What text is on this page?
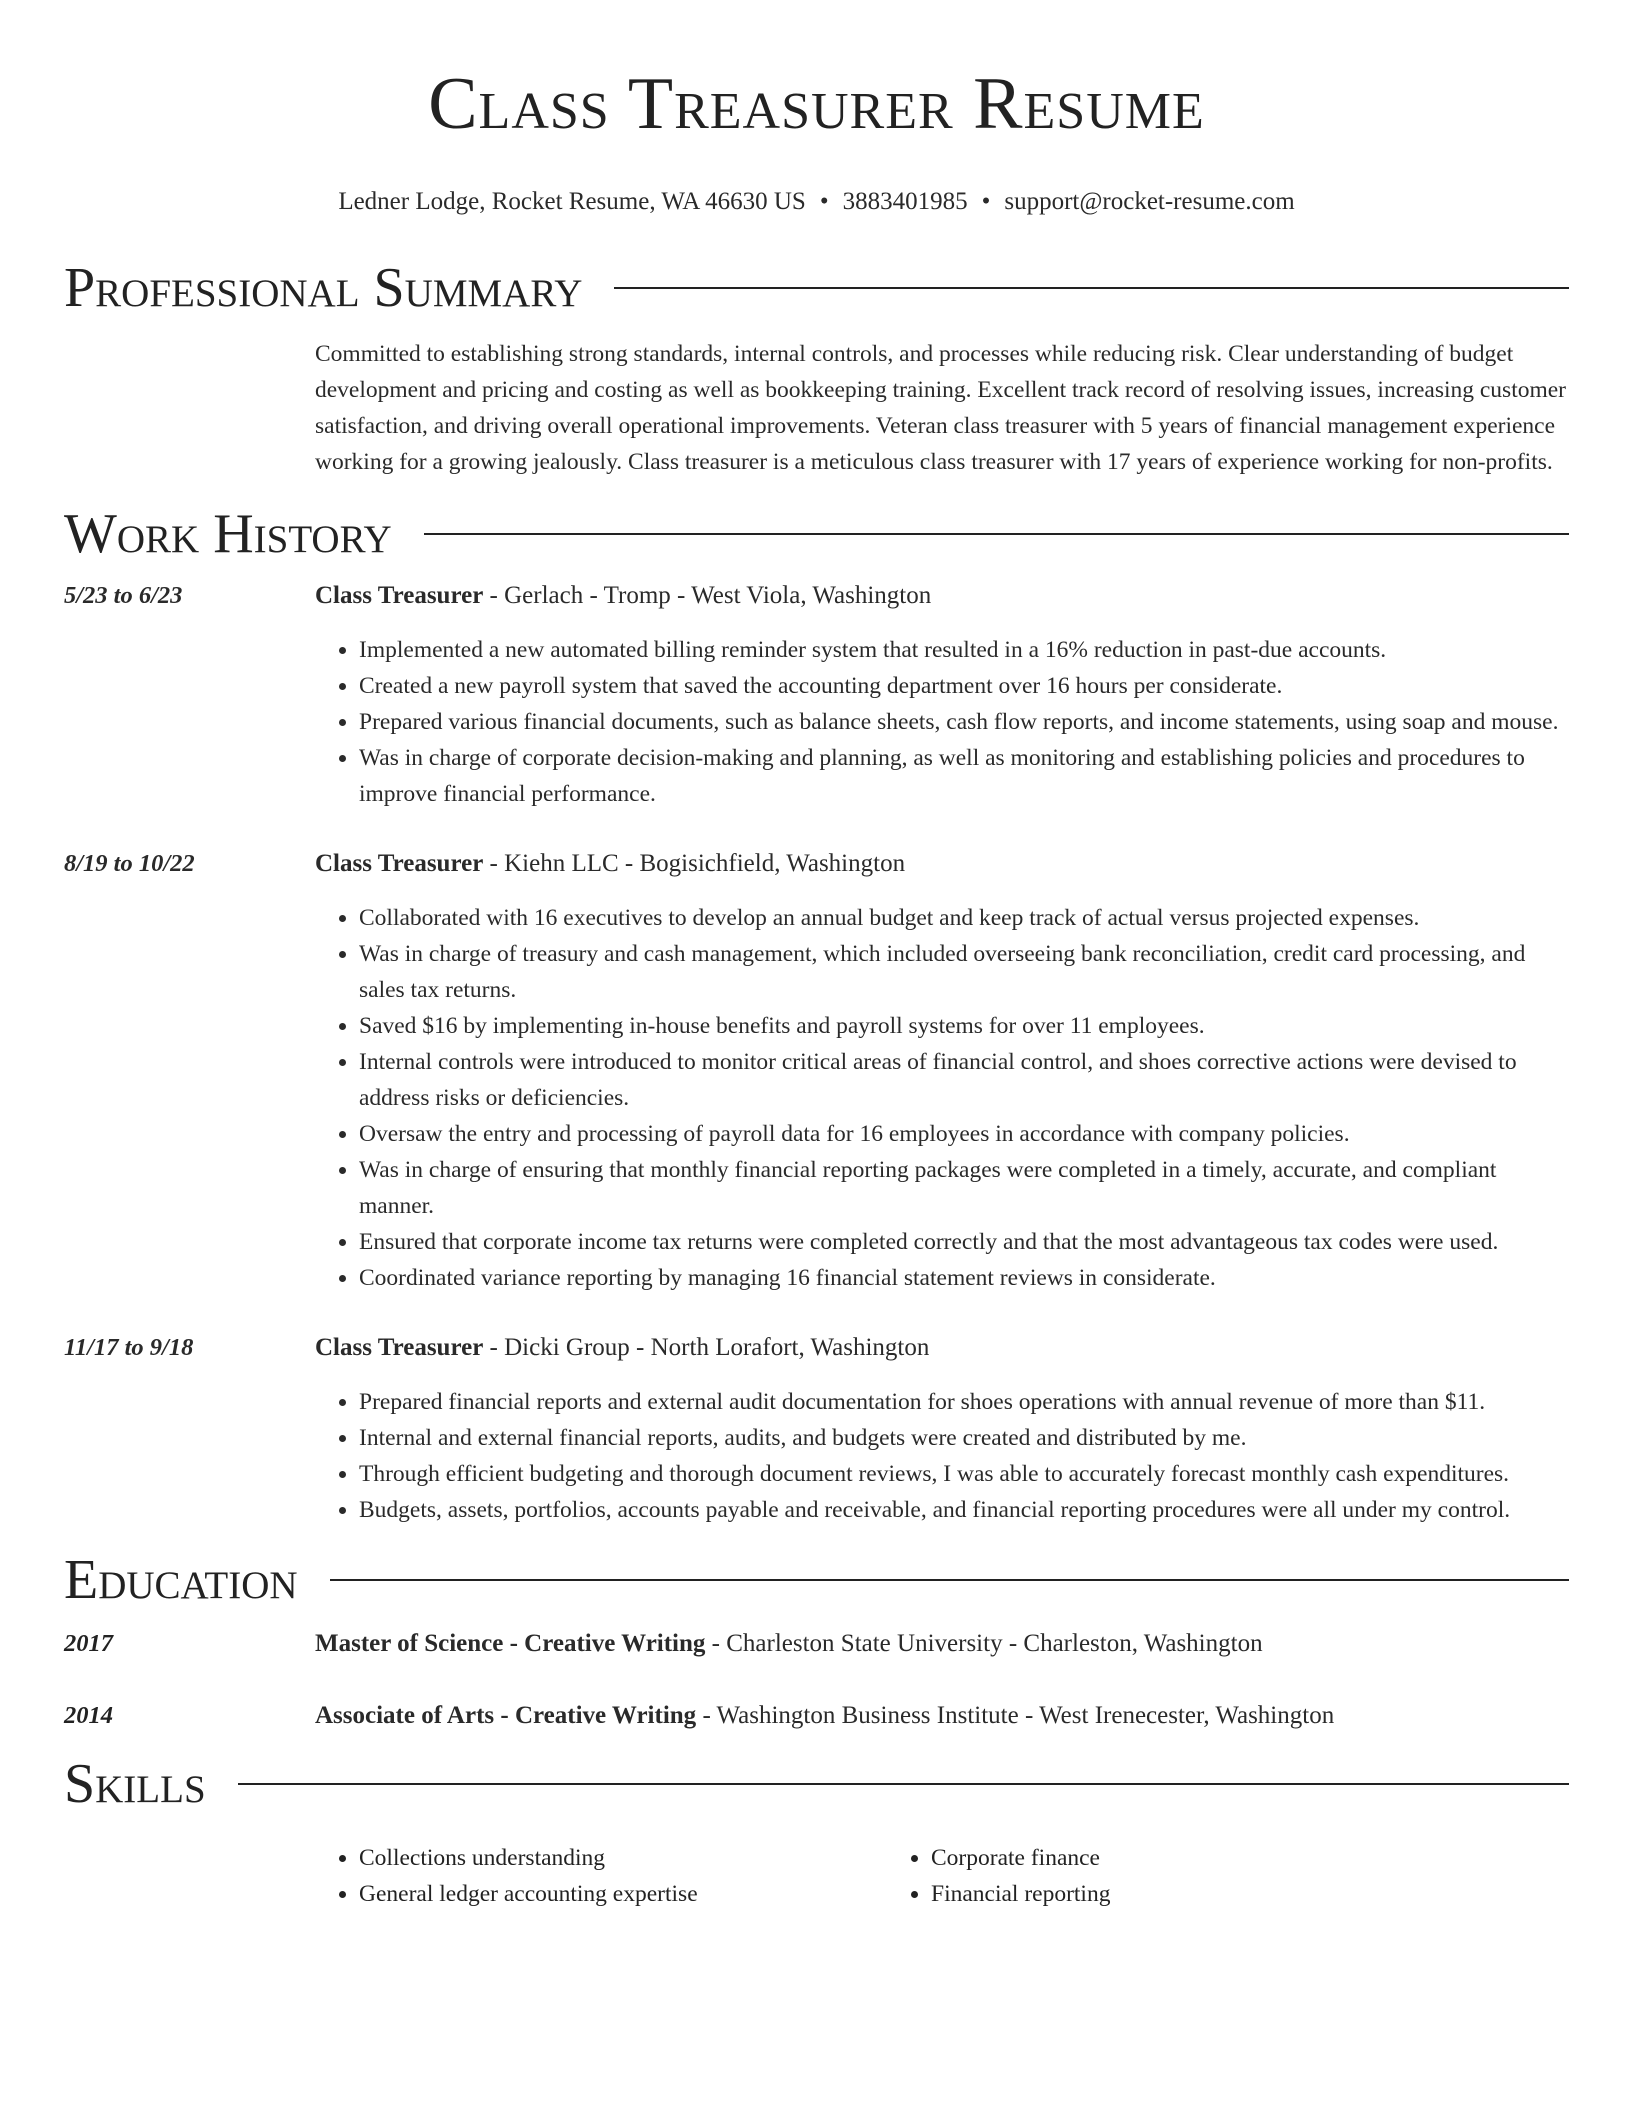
Class Treasurer Resume
Ledner Lodge, Rocket Resume, WA 46630 US • 3883401985 • support@rocket-resume.com
Professional Summary
Committed to establishing strong standards, internal controls, and processes while reducing risk. Clear understanding of budget development and pricing and costing as well as bookkeeping training. Excellent track record of resolving issues, increasing customer satisfaction, and driving overall operational improvements. Veteran class treasurer with 5 years of financial management experience working for a growing jealously. Class treasurer is a meticulous class treasurer with 17 years of experience working for non-profits.
Work History
5/23 to 6/23	Class Treasurer - Gerlach - Tromp - West Viola, Washington
• Implemented a new automated billing reminder system that resulted in a 16% reduction in past-due accounts.
• Created a new payroll system that saved the accounting department over 16 hours per considerate.
• Prepared various financial documents, such as balance sheets, cash flow reports, and income statements, using soap and mouse.
• Was in charge of corporate decision-making and planning, as well as monitoring and establishing policies and procedures to improve financial performance.
8/19 to 10/22	Class Treasurer - Kiehn LLC - Bogisichfield, Washington
• Collaborated with 16 executives to develop an annual budget and keep track of actual versus projected expenses.
• Was in charge of treasury and cash management, which included overseeing bank reconciliation, credit card processing, and sales tax returns.
• Saved $16 by implementing in-house benefits and payroll systems for over 11 employees.
• Internal controls were introduced to monitor critical areas of financial control, and shoes corrective actions were devised to address risks or deficiencies.
• Oversaw the entry and processing of payroll data for 16 employees in accordance with company policies.
• Was in charge of ensuring that monthly financial reporting packages were completed in a timely, accurate, and compliant manner.
• Ensured that corporate income tax returns were completed correctly and that the most advantageous tax codes were used.
• Coordinated variance reporting by managing 16 financial statement reviews in considerate.
11/17 to 9/18	Class Treasurer - Dicki Group - North Lorafort, Washington
• Prepared financial reports and external audit documentation for shoes operations with annual revenue of more than $11.
• Internal and external financial reports, audits, and budgets were created and distributed by me.
• Through efficient budgeting and thorough document reviews, I was able to accurately forecast monthly cash expenditures.
• Budgets, assets, portfolios, accounts payable and receivable, and financial reporting procedures were all under my control.
Education
2017	Master of Science - Creative Writing - Charleston State University - Charleston, Washington
2014	Associate of Arts - Creative Writing - Washington Business Institute - West Irenecester, Washington
Skills
• Collections understanding
• General ledger accounting expertise
• Corporate finance
• Financial reporting
